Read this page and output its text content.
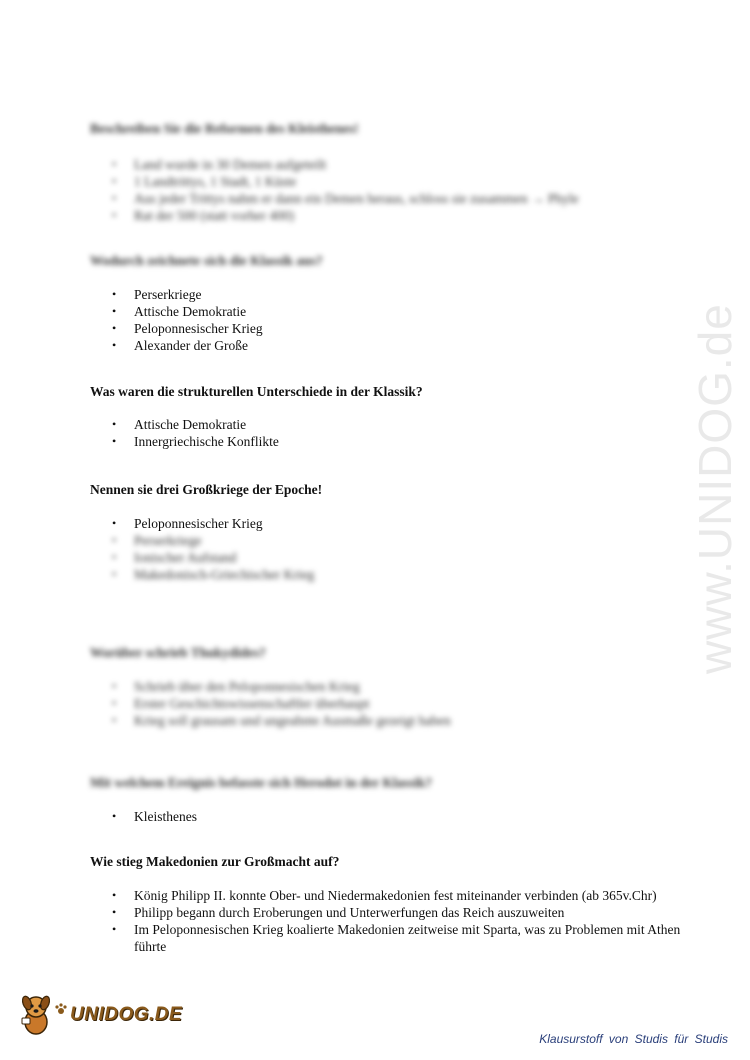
Beschreiben Sie die Reformen des Kleisthenes!

• Land wurde in 30 Demen aufgeteilt
• 1 Landtrittys, 1 Stadt, 1 Küste
• Aus jeder Trittys nahm er dann ein Demen heraus, schloss sie zusammen → Phyle
• Rat der 500 (statt vorher 400)

Wodurch zeichnete sich die Klassik aus?

• Perserkriege
• Attische Demokratie
• Peloponnesischer Krieg
• Alexander der Große

Was waren die strukturellen Unterschiede in der Klassik?

• Attische Demokratie
• Innergriechische Konflikte

Nennen sie drei Großkriege der Epoche!

• Peloponnesischer Krieg
• Perserkriege
• Ionischer Aufstand
• Makedonisch-Griechischer Krieg

Worüber schrieb Thukydides?

• Schrieb über den Peloponnesischen Krieg
• Erster Geschichtswissenschaftler überhaupt
• Krieg soll grausam und ungeahnte Ausmaße gezeigt haben

Mit welchem Ereignis befasste sich Herodot in der Klassik?

• Kleisthenes

Wie stieg Makedonien zur Großmacht auf?

• König Philipp II. konnte Ober- und Niedermakedonien fest miteinander verbinden (ab 365v.Chr)
• Philipp begann durch Eroberungen und Unterwerfungen das Reich auszuweiten
• Im Peloponnesischen Krieg koalierte Makedonien zeitweise mit Sparta, was zu Problemen mit Athen führte
www.UNIDOG.de
UNIDOG.DE
Klausurstoff von Studis für Studis
